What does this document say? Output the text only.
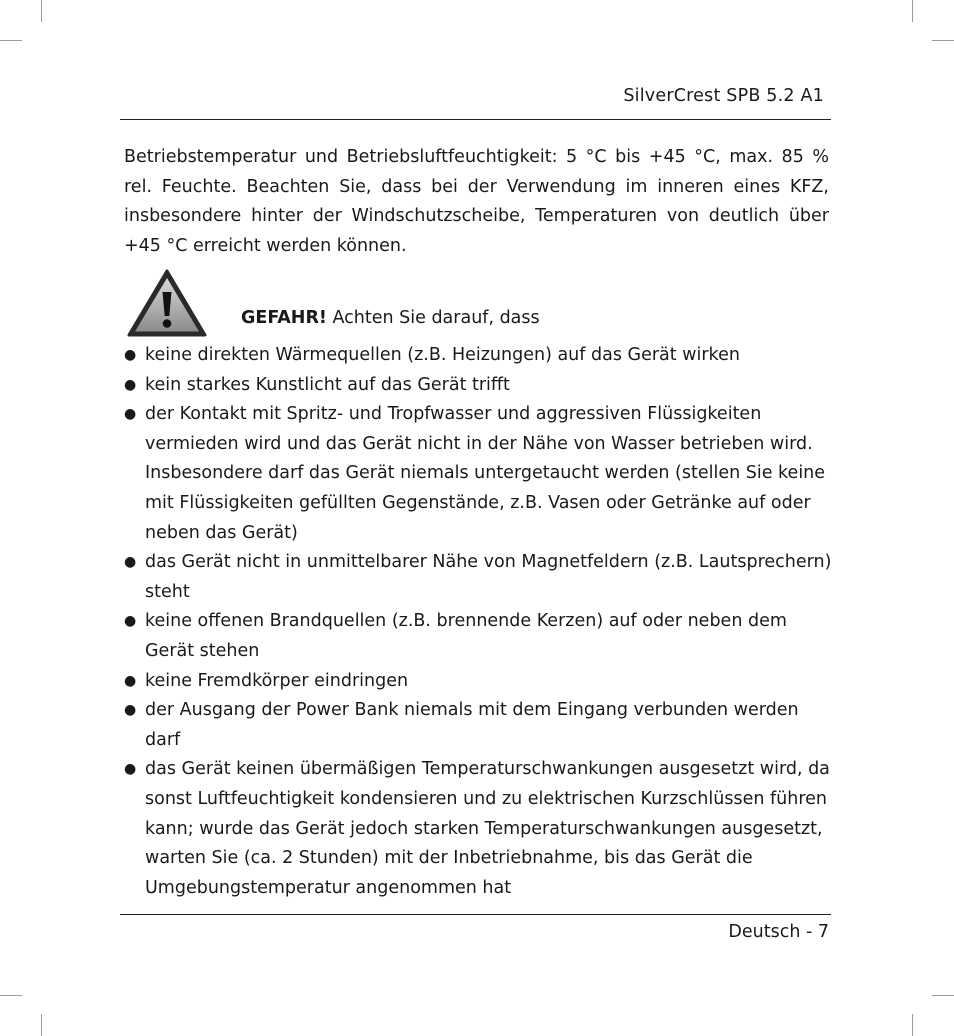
SilverCrest SPB 5.2 A1

Betriebstemperatur und Betriebsluftfeuchtigkeit: 5 °C bis +45 °C, max. 85 % rel. Feuchte. Beachten Sie, dass bei der Verwendung im inneren eines KFZ, insbesondere hinter der Windschutzscheibe, Temperaturen von deutlich über +45 °C erreicht werden können.

GEFAHR! Achten Sie darauf, dass
● keine direkten Wärmequellen (z.B. Heizungen) auf das Gerät wirken
● kein starkes Kunstlicht auf das Gerät trifft
● der Kontakt mit Spritz- und Tropfwasser und aggressiven Flüssigkeiten vermieden wird und das Gerät nicht in der Nähe von Wasser betrieben wird. Insbesondere darf das Gerät niemals untergetaucht werden (stellen Sie keine mit Flüssigkeiten gefüllten Gegenstände, z.B. Vasen oder Getränke auf oder neben das Gerät)
● das Gerät nicht in unmittelbarer Nähe von Magnetfeldern (z.B. Lautsprechern) steht
● keine offenen Brandquellen (z.B. brennende Kerzen) auf oder neben dem Gerät stehen
● keine Fremdkörper eindringen
● der Ausgang der Power Bank niemals mit dem Eingang verbunden werden darf
● das Gerät keinen übermäßigen Temperaturschwankungen ausgesetzt wird, da sonst Luftfeuchtigkeit kondensieren und zu elektrischen Kurzschlüssen führen kann; wurde das Gerät jedoch starken Temperaturschwankungen ausgesetzt, warten Sie (ca. 2 Stunden) mit der Inbetriebnahme, bis das Gerät die Umgebungstemperatur angenommen hat
Deutsch - 7
